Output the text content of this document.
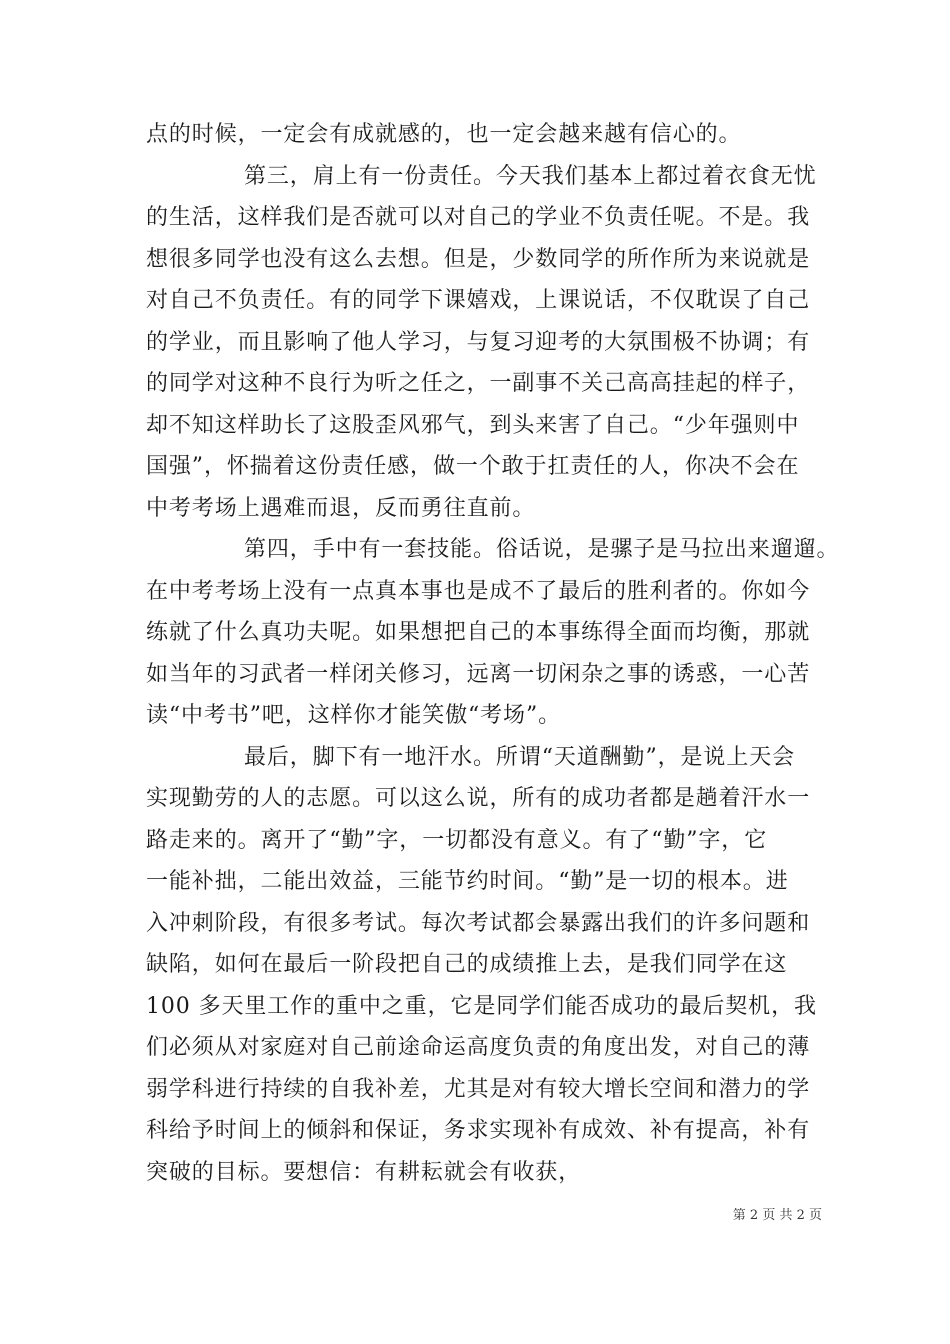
点的时候，一定会有成就感的，也一定会越来越有信心的。
第三，肩上有一份责任。今天我们基本上都过着衣食无忧
的生活，这样我们是否就可以对自己的学业不负责任呢。不是。我
想很多同学也没有这么去想。但是，少数同学的所作所为来说就是
对自己不负责任。有的同学下课嬉戏，上课说话，不仅耽误了自己
的学业，而且影响了他人学习，与复习迎考的大氛围极不协调；有
的同学对这种不良行为听之任之，一副事不关己高高挂起的样子，
却不知这样助长了这股歪风邪气，到头来害了自己。“少年强则中
国强”，怀揣着这份责任感，做一个敢于扛责任的人，你决不会在
中考考场上遇难而退，反而勇往直前。
第四，手中有一套技能。俗话说，是骡子是马拉出来遛遛。
在中考考场上没有一点真本事也是成不了最后的胜利者的。你如今
练就了什么真功夫呢。如果想把自己的本事练得全面而均衡，那就
如当年的习武者一样闭关修习，远离一切闲杂之事的诱惑，一心苦
读“中考书”吧，这样你才能笑傲“考场”。
最后，脚下有一地汗水。所谓“天道酬勤”，是说上天会
实现勤劳的人的志愿。可以这么说，所有的成功者都是趟着汗水一
路走来的。离开了“勤”字，一切都没有意义。有了“勤”字，它
一能补拙，二能出效益，三能节约时间。“勤”是一切的根本。进
入冲刺阶段，有很多考试。每次考试都会暴露出我们的许多问题和
缺陷，如何在最后一阶段把自己的成绩推上去，是我们同学在这
100 多天里工作的重中之重，它是同学们能否成功的最后契机，我
们必须从对家庭对自己前途命运高度负责的角度出发，对自己的薄
弱学科进行持续的自我补差，尤其是对有较大增长空间和潜力的学
科给予时间上的倾斜和保证，务求实现补有成效、补有提高，补有
突破的目标。要想信：有耕耘就会有收获，
第 2 页 共 2 页
